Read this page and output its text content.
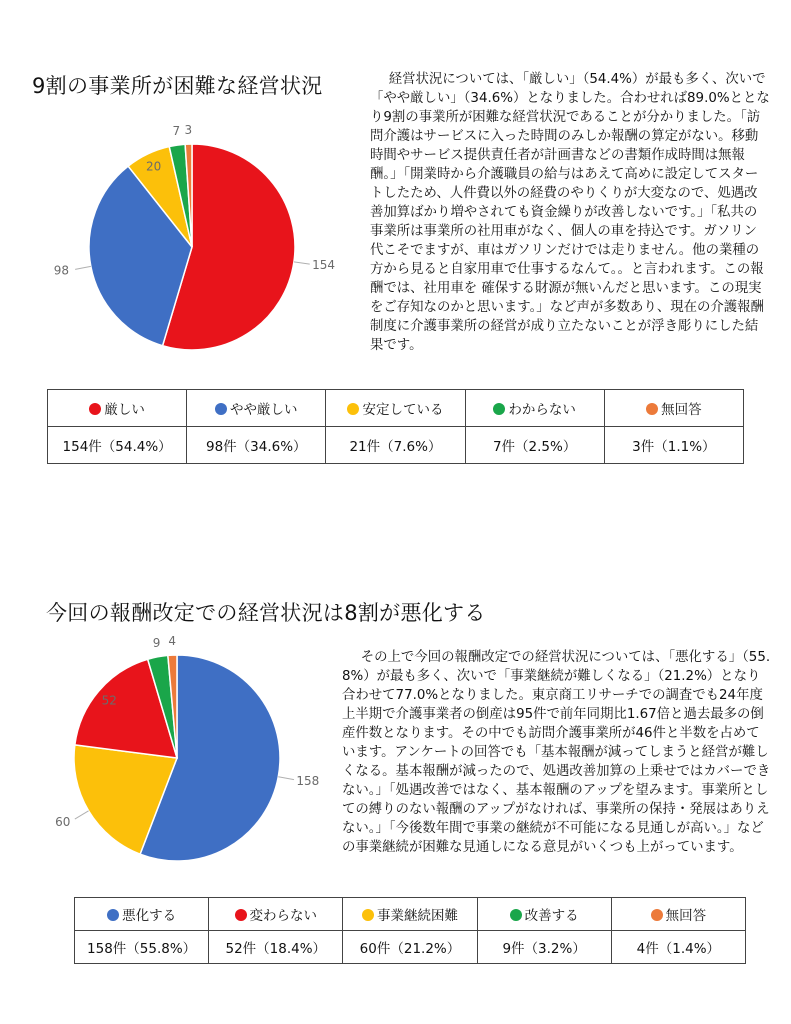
9割の事業所が困難な経営状況
154
98
20
7 3

経営状況については、「厳しい」（54.4%）が最も多く、次いで「やや厳しい」（34.6%）となりました。合わせれば89.0%ととなり9割の事業所が困難な経営状況であることが分かりました。「訪問介護はサービスに入った時間のみしか報酬の算定がない。移動時間やサービス提供責任者が計画書などの書類作成時間は無報酬。」「開業時から介護職員の給与はあえて高めに設定してスタートしたため、人件費以外の経費のやりくりが大変なので、処遇改善加算ばかり増やされても資金繰りが改善しないです。」「私共の事業所は事業所の社用車がなく、個人の車を持込です。ガソリン代こそでますが、車はガソリンだけでは走りません。他の業種の方から見ると自家用車で仕事するなんて。。と言われます。この報酬では、社用車を 確保する財源が無いんだと思います。この現実をご存知なのかと思います。」など声が多数あり、現在の介護報酬制度に介護事業所の経営が成り立たないことが浮き彫りにした結果です。

厳しい	やや厳しい	安定している	わからない	無回答
154件（54.4%）	98件（34.6%）	21件（7.6%）	7件（2.5%）	3件（1.1%）
今回の報酬改定での経営状況は8割が悪化する
158
60
52
9 4

その上で今回の報酬改定での経営状況については、「悪化する」（55.8%）が最も多く、次いで「事業継続が難しくなる」（21.2%）となり合わせて77.0%となりました。東京商工リサーチでの調査でも24年度上半期で介護事業者の倒産は95件で前年同期比1.67倍と過去最多の倒産件数となります。その中でも訪問介護事業所が46件と半数を占めています。アンケートの回答でも「基本報酬が減ってしまうと経営が難しくなる。基本報酬が減ったので、処遇改善加算の上乗せではカバーできない。」「処遇改善ではなく、基本報酬のアップを望みます。事業所としての縛りのない報酬のアップがなければ、事業所の保持・発展はありえない。」「今後数年間で事業の継続が不可能になる見通しが高い。」などの事業継続が困難な見通しになる意見がいくつも上がっています。

悪化する	変わらない	事業継続困難	改善する	無回答
158件（55.8%）	52件（18.4%）	60件（21.2%）	9件（3.2%）	4件（1.4%）
